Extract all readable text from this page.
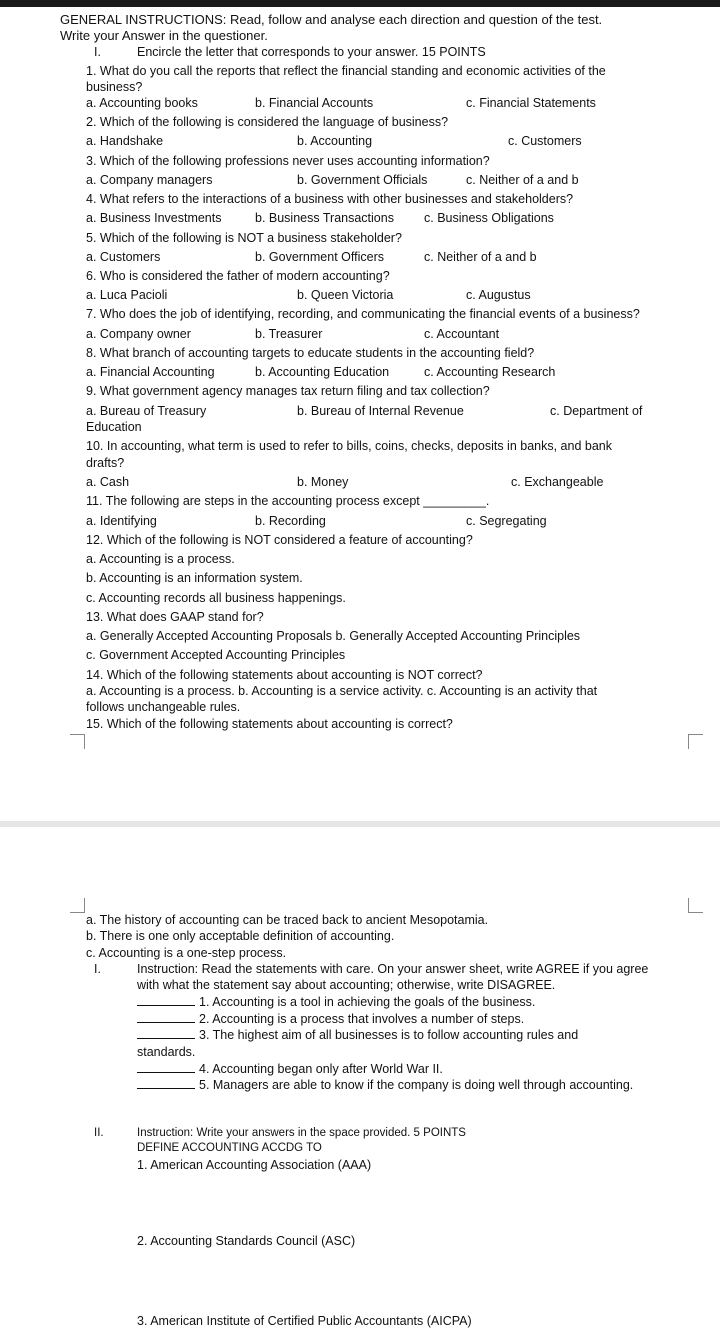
GENERAL INSTRUCTIONS: Read, follow and analyse each direction and question of the test.
Write your Answer in the questioner.
I.	Encircle the letter that corresponds to your answer. 15 POINTS
1. What do you call the reports that reflect the financial standing and economic activities of the
business?
a. Accounting books	b. Financial Accounts	c. Financial Statements
2. Which of the following is considered the language of business?
a. Handshake	b. Accounting	c. Customers
3. Which of the following professions never uses accounting information?
a. Company managers	b. Government Officials	c. Neither of a and b
4. What refers to the interactions of a business with other businesses and stakeholders?
a. Business Investments	b. Business Transactions c. Business Obligations
5. Which of the following is NOT a business stakeholder?
a. Customers	b. Government Officers	c. Neither of a and b
6. Who is considered the father of modern accounting?
a. Luca Pacioli	b. Queen Victoria	c. Augustus
7. Who does the job of identifying, recording, and communicating the financial events of a business?
a. Company owner	b. Treasurer	c. Accountant
8. What branch of accounting targets to educate students in the accounting field?
a. Financial Accounting	b. Accounting Education	c. Accounting Research
9. What government agency manages tax return filing and tax collection?
a. Bureau of Treasury	b. Bureau of Internal Revenue	c. Department of
Education
10. In accounting, what term is used to refer to bills, coins, checks, deposits in banks, and bank
drafts?
a. Cash	b. Money	c. Exchangeable
11. The following are steps in the accounting process except _________.
a. Identifying	b. Recording	c. Segregating
12. Which of the following is NOT considered a feature of accounting?
a. Accounting is a process.
b. Accounting is an information system.
c. Accounting records all business happenings.
13. What does GAAP stand for?
a. Generally Accepted Accounting Proposals b. Generally Accepted Accounting Principles
c. Government Accepted Accounting Principles
14. Which of the following statements about accounting is NOT correct?
a. Accounting is a process. b. Accounting is a service activity. c. Accounting is an activity that
follows unchangeable rules.
15. Which of the following statements about accounting is correct?
a. The history of accounting can be traced back to ancient Mesopotamia.
b. There is one only acceptable definition of accounting.
c. Accounting is a one-step process.
I.	Instruction: Read the statements with care. On your answer sheet, write AGREE if you agree
with what the statement say about accounting; otherwise, write DISAGREE.
1. Accounting is a tool in achieving the goals of the business.
2. Accounting is a process that involves a number of steps.
3. The highest aim of all businesses is to follow accounting rules and
standards.
4. Accounting began only after World War II.
5. Managers are able to know if the company is doing well through accounting.
II.	Instruction: Write your answers in the space provided. 5 POINTS
DEFINE ACCOUNTING ACCDG TO
1. American Accounting Association (AAA)
2. Accounting Standards Council (ASC)
3. American Institute of Certified Public Accountants (AICPA)
